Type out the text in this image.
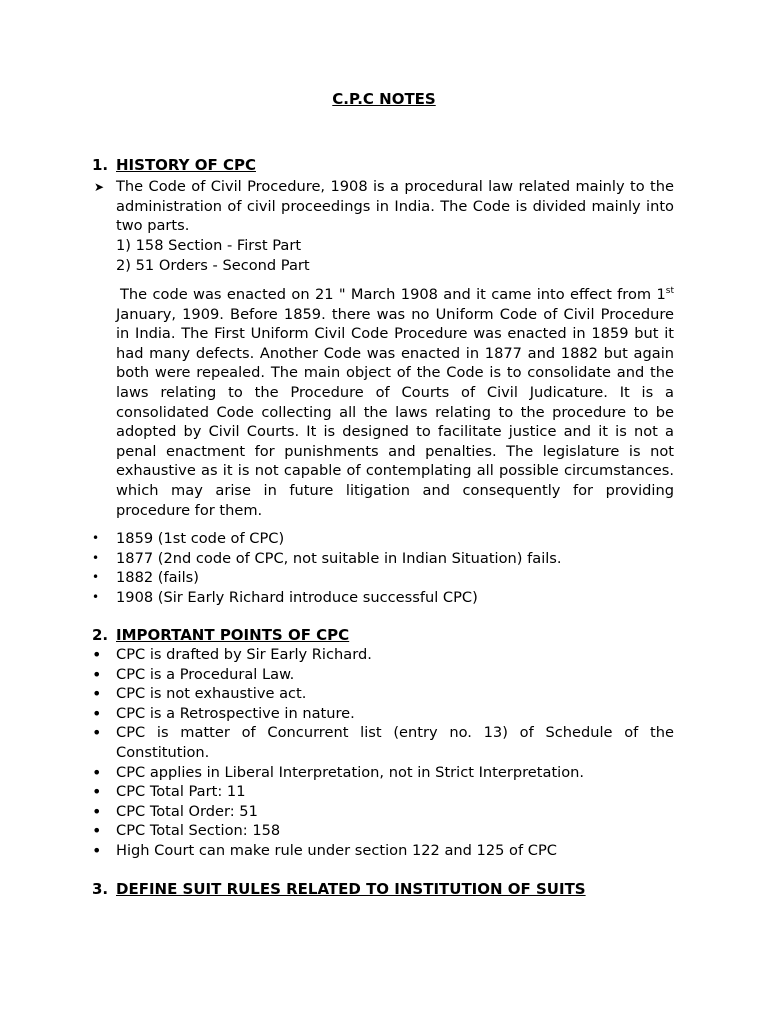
C.P.C NOTES
1. HISTORY OF CPC
➤ The Code of Civil Procedure, 1908 is a procedural law related mainly to the administration of civil proceedings in India. The Code is divided mainly into two parts.

1) 158 Section - First Part
2) 51 Orders - Second Part

The code was enacted on 21 " March 1908 and it came into effect from 1st January, 1909. Before 1859. there was no Uniform Code of Civil Procedure in India. The First Uniform Civil Code Procedure was enacted in 1859 but it had many defects. Another Code was enacted in 1877 and 1882 but again both were repealed. The main object of the Code is to consolidate and the laws relating to the Procedure of Courts of Civil Judicature. It is a consolidated Code collecting all the laws relating to the procedure to be adopted by Civil Courts. It is designed to facilitate justice and it is not a penal enactment for punishments and penalties. The legislature is not exhaustive as it is not capable of contemplating all possible circumstances. which may arise in future litigation and consequently for providing procedure for them.

• 1859 (1st code of CPC)
• 1877 (2nd code of CPC, not suitable in Indian Situation) fails.
• 1882 (fails)
• 1908 (Sir Early Richard introduce successful CPC)
2. IMPORTANT POINTS OF CPC
• CPC is drafted by Sir Early Richard.
• CPC is a Procedural Law.
• CPC is not exhaustive act.
• CPC is a Retrospective in nature.
• CPC is matter of Concurrent list (entry no. 13) of Schedule of the Constitution.
• CPC applies in Liberal Interpretation, not in Strict Interpretation.
• CPC Total Part: 11
• CPC Total Order: 51
• CPC Total Section: 158
• High Court can make rule under section 122 and 125 of CPC
3. DEFINE SUIT RULES RELATED TO INSTITUTION OF SUITS
